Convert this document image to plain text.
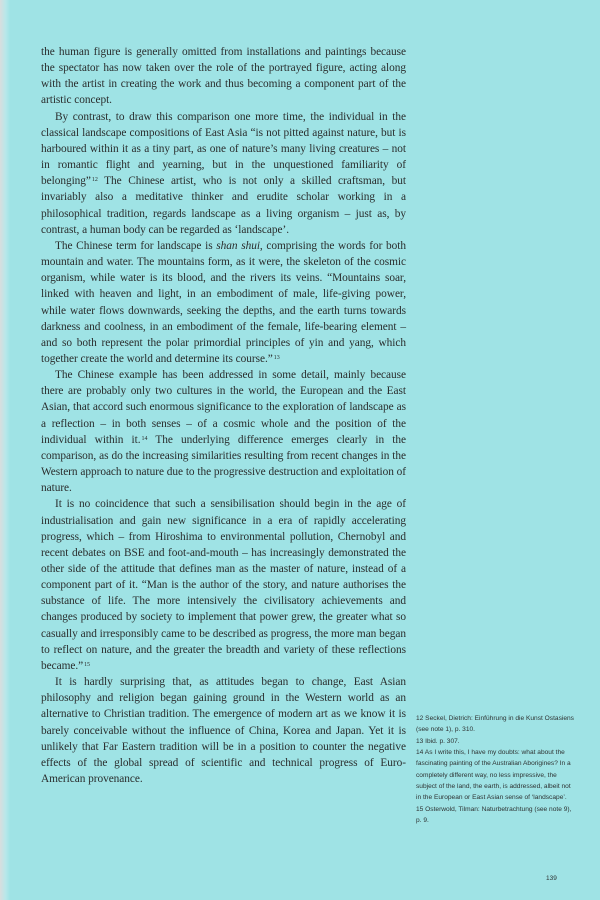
the human figure is generally omitted from installations and paintings because the spectator has now taken over the role of the portrayed figure, acting along with the artist in creating the work and thus becoming a component part of the artistic concept.

By contrast, to draw this comparison one more time, the individual in the classical landscape compositions of East Asia “is not pitted against nature, but is harboured within it as a tiny part, as one of nature’s many living creatures – not in romantic flight and yearning, but in the unquestioned familiarity of belonging”$^{12}$ The Chinese artist, who is not only a skilled craftsman, but invariably also a meditative thinker and erudite scholar working in a philosophical tradition, regards landscape as a living organism – just as, by contrast, a human body can be regarded as ‘landscape’.

The Chinese term for landscape is shan shui, comprising the words for both mountain and water. The mountains form, as it were, the skeleton of the cosmic organism, while water is its blood, and the rivers its veins. “Mountains soar, linked with heaven and light, in an embodiment of male, life-giving power, while water flows downwards, seeking the depths, and the earth turns towards darkness and coolness, in an embodiment of the female, life-bearing element – and so both represent the polar primordial principles of yin and yang, which together create the world and determine its course.”$^{13}$

The Chinese example has been addressed in some detail, mainly because there are probably only two cultures in the world, the European and the East Asian, that accord such enormous significance to the exploration of landscape as a reflection – in both senses – of a cosmic whole and the position of the individual within it.$^{14}$ The underlying difference emerges clearly in the comparison, as do the increasing similarities resulting from recent changes in the Western approach to nature due to the progressive destruction and exploitation of nature.

It is no coincidence that such a sensibilisation should begin in the age of industrialisation and gain new significance in a era of rapidly accelerating progress, which – from Hiroshima to environmental pollution, Chernobyl and recent debates on BSE and foot-and-mouth – has increasingly demonstrated the other side of the attitude that defines man as the master of nature, instead of a component part of it. “Man is the author of the story, and nature authorises the substance of life. The more intensively the civilisatory achievements and changes produced by society to implement that power grew, the greater what so casually and irresponsibly came to be described as progress, the more man began to reflect on nature, and the greater the breadth and variety of these reflections became.”$^{15}$

It is hardly surprising that, as attitudes began to change, East Asian philosophy and religion began gaining ground in the Western world as an alternative to Christian tradition. The emergence of modern art as we know it is barely conceivable without the influence of China, Korea and Japan. Yet it is unlikely that Far Eastern tradition will be in a position to counter the negative effects of the global spread of scientific and technical progress of Euro-American provenance.

12 Seckel, Dietrich: Einführung in die Kunst Ostasiens (see note 1), p. 310.

13 Ibid. p. 307.

14 As I write this, I have my doubts: what about the fascinating painting of the Australian Aborigines? In a completely different way, no less impressive, the subject of the land, the earth, is addressed, albeit not in the European or East Asian sense of ‘landscape’.

15 Osterwold, Tilman: Naturbetrachtung (see note 9), p. 9.

139
